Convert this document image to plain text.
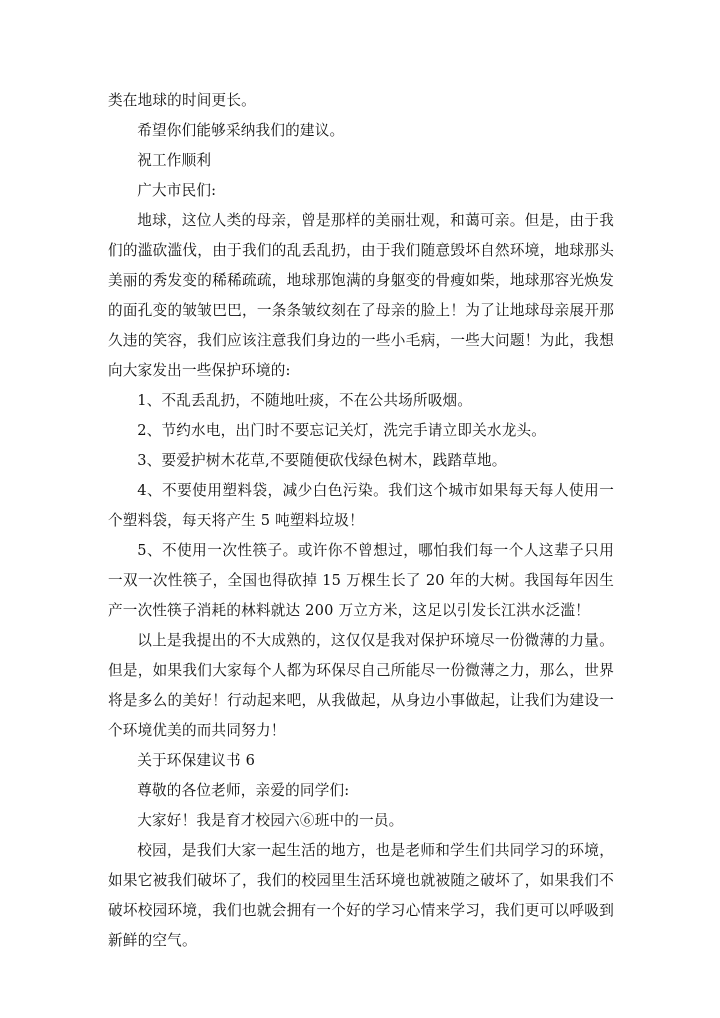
类在地球的时间更长。

希望你们能够采纳我们的建议。

祝工作顺利

广大市民们:

地球，这位人类的母亲，曾是那样的美丽壮观，和蔼可亲。但是，由于我们的滥砍滥伐，由于我们的乱丢乱扔，由于我们随意毁坏自然环境，地球那头美丽的秀发变的稀稀疏疏，地球那饱满的身躯变的骨瘦如柴，地球那容光焕发的面孔变的皱皱巴巴，一条条皱纹刻在了母亲的脸上！为了让地球母亲展开那久违的笑容，我们应该注意我们身边的一些小毛病，一些大问题！为此，我想向大家发出一些保护环境的:

1、不乱丢乱扔，不随地吐痰，不在公共场所吸烟。

2、节约水电，出门时不要忘记关灯，洗完手请立即关水龙头。

3、要爱护树木花草,不要随便砍伐绿色树木，践踏草地。

4、不要使用塑料袋，减少白色污染。我们这个城市如果每天每人使用一个塑料袋，每天将产生 5 吨塑料垃圾！

5、不使用一次性筷子。或许你不曾想过，哪怕我们每一个人这辈子只用一双一次性筷子，全国也得砍掉 15 万棵生长了 20 年的大树。我国每年因生产一次性筷子消耗的林料就达 200 万立方米，这足以引发长江洪水泛滥！

以上是我提出的不大成熟的，这仅仅是我对保护环境尽一份微薄的力量。但是，如果我们大家每个人都为环保尽自己所能尽一份微薄之力，那么，世界将是多么的美好！行动起来吧，从我做起，从身边小事做起，让我们为建设一个环境优美的而共同努力！

关于环保建议书 6

尊敬的各位老师，亲爱的同学们:

大家好！我是育才校园六⑥班中的一员。

校园，是我们大家一起生活的地方，也是老师和学生们共同学习的环境，如果它被我们破坏了，我们的校园里生活环境也就被随之破坏了，如果我们不破坏校园环境，我们也就会拥有一个好的学习心情来学习，我们更可以呼吸到新鲜的空气。
